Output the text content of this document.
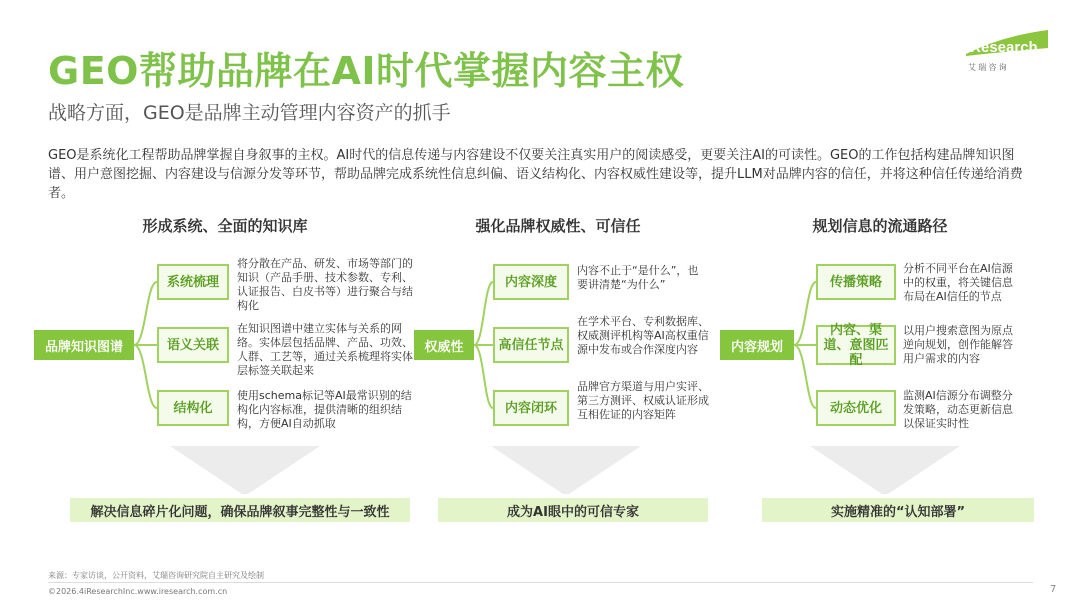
GEO帮助品牌在AI时代掌握内容主权
战略方面，GEO是品牌主动管理内容资产的抓手
iResearch
艾 瑞 咨 询
GEO是系统化工程帮助品牌掌握自身叙事的主权。AI时代的信息传递与内容建设不仅要关注真实用户的阅读感受，更要关注AI的可读性。GEO的工作包括构建品牌知识图谱、用户意图挖掘、内容建设与信源分发等环节，帮助品牌完成系统性信息纠偏、语义结构化、内容权威性建设等，提升LLM对品牌内容的信任，并将这种信任传递给消费者。
形成系统、全面的知识库
品牌知识图谱
系统梳理
将分散在产品、研发、市场等部门的知识（产品手册、技术参数、专利、认证报告、白皮书等）进行聚合与结构化
语义关联
在知识图谱中建立实体与关系的网络。实体层包括品牌、产品、功效、人群、工艺等，通过关系梳理将实体层标签关联起来
结构化
使用schema标记等AI最常识别的结构化内容标准，提供清晰的组织结构，方便AI自动抓取
解决信息碎片化问题，确保品牌叙事完整性与一致性
强化品牌权威性、可信任
权威性
内容深度
内容不止于“是什么”，也要讲清楚“为什么”
高信任节点
在学术平台、专利数据库、权威测评机构等AI高权重信源中发布或合作深度内容
内容闭环
品牌官方渠道与用户实评、第三方测评、权威认证形成互相佐证的内容矩阵
成为AI眼中的可信专家
规划信息的流通路径
内容规划
传播策略
分析不同平台在AI信源中的权重，将关键信息布局在AI信任的节点
内容、渠道、意图匹配
以用户搜索意图为原点逆向规划，创作能解答用户需求的内容
动态优化
监测AI信源分布调整分发策略，动态更新信息以保证实时性
实施精准的“认知部署”
来源：专家访谈，公开资料，艾瑞咨询研究院自主研究及绘制
©2026.4iResearchInc.www.iresearch.com.cn	7
